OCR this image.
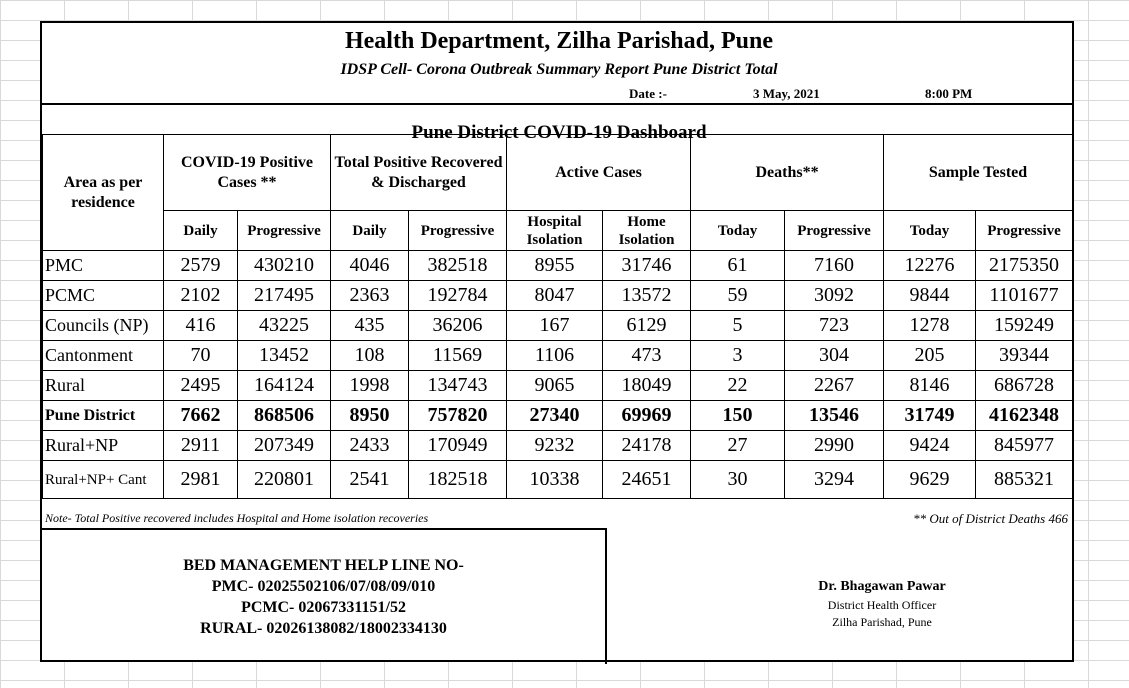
Health Department, Zilha Parishad, Pune
IDSP Cell- Corona Outbreak Summary Report Pune District Total
Date :-	3 May, 2021	8:00 PM
Pune District COVID-19 Dashboard
Area as per residence	COVID-19 Positive Cases **		Total Positive Recovered & Discharged		Active Cases		Deaths**		Sample Tested	
	Daily	Progressive	Daily	Progressive	Hospital Isolation	Home Isolation	Today	Progressive	Today	Progressive
PMC	2579	430210	4046	382518	8955	31746	61	7160	12276	2175350
PCMC	2102	217495	2363	192784	8047	13572	59	3092	9844	1101677
Councils (NP)	416	43225	435	36206	167	6129	5	723	1278	159249
Cantonment	70	13452	108	11569	1106	473	3	304	205	39344
Rural	2495	164124	1998	134743	9065	18049	22	2267	8146	686728
Pune District	7662	868506	8950	757820	27340	69969	150	13546	31749	4162348
Rural+NP	2911	207349	2433	170949	9232	24178	27	2990	9424	845977
Rural+NP+ Cant	2981	220801	2541	182518	10338	24651	30	3294	9629	885321
Note- Total Positive recovered includes Hospital and Home isolation recoveries	** Out of District Deaths 466
BED MANAGEMENT HELP LINE NO-
PMC- 02025502106/07/08/09/010
PCMC- 02067331151/52
RURAL- 02026138082/18002334130
Dr. Bhagawan Pawar
District Health Officer
Zilha Parishad, Pune
